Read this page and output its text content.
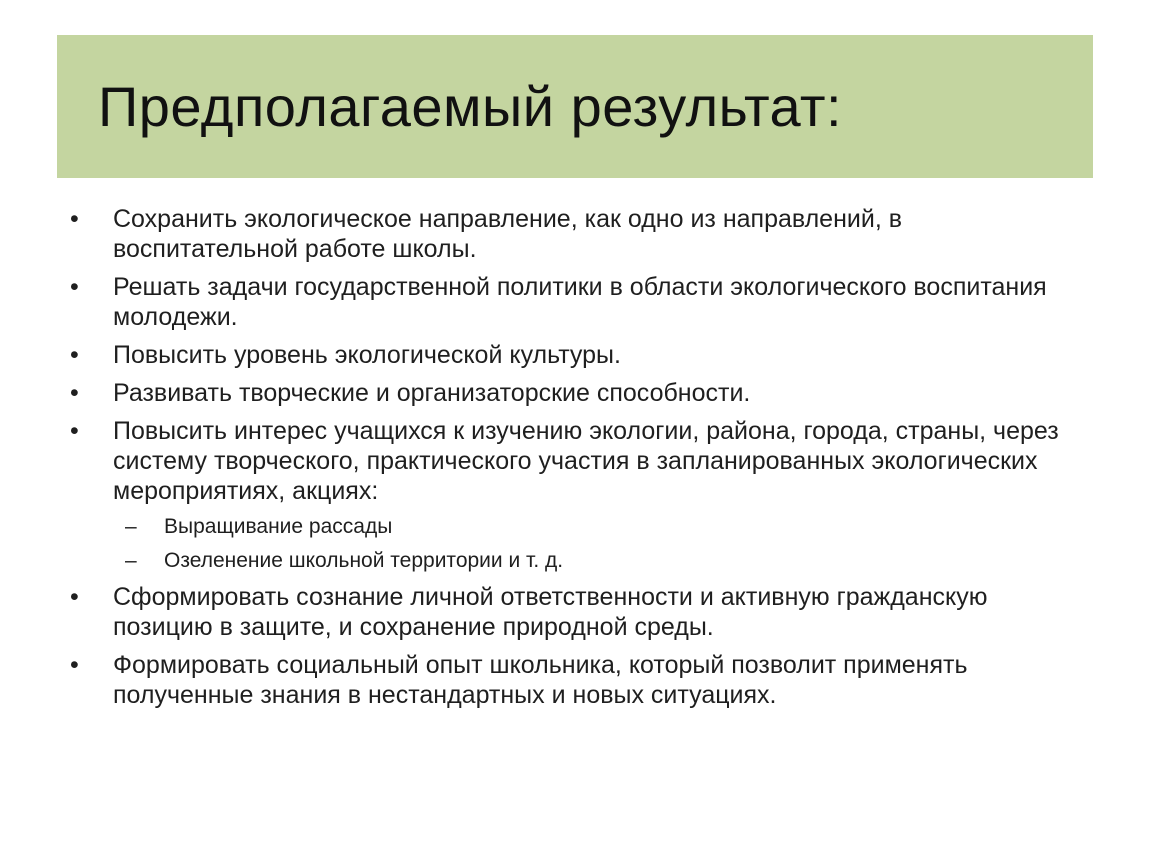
Предполагаемый результат:
• Сохранить экологическое направление, как одно из направлений, в воспитательной работе школы.
• Решать задачи государственной политики в области экологического воспитания молодежи.
• Повысить уровень экологической культуры.
• Развивать творческие и организаторские способности.
• Повысить интерес учащихся к изучению экологии, района, города, страны, через систему творческого, практического участия в запланированных экологических мероприятиях, акциях:
– Выращивание рассады
– Озеленение школьной территории и т. д.
• Сформировать сознание личной ответственности и активную гражданскую позицию в защите, и сохранение природной среды.
• Формировать социальный опыт школьника, который позволит применять полученные знания в нестандартных и новых ситуациях.
